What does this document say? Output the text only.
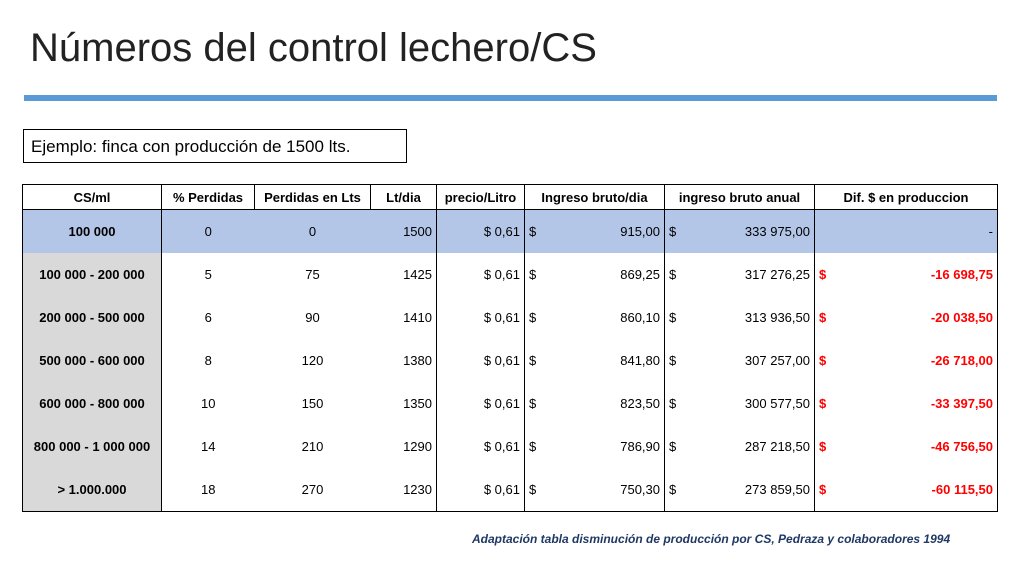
Números del control lechero/CS
Ejemplo: finca con producción de 1500 lts.
CS/ml	% Perdidas	Perdidas en Lts	Lt/dia	precio/Litro	Ingreso bruto/dia	ingreso bruto anual	Dif. $ en produccion
100 000	0	0	1500	$ 0,61	$ 915,00	$ 333 975,00	-

100 000 - 200 000	5	75	1425	$ 0,61	$ 869,25	$ 317 276,25	$ -16 698,75

200 000 - 500 000	6	90	1410	$ 0,61	$ 860,10	$ 313 936,50	$ -20 038,50

500 000 - 600 000	8	120	1380	$ 0,61	$ 841,80	$ 307 257,00	$ -26 718,00

600 000 - 800 000	10	150	1350	$ 0,61	$ 823,50	$ 300 577,50	$ -33 397,50

800 000 - 1 000 000	14	210	1290	$ 0,61	$ 786,90	$ 287 218,50	$ -46 756,50

> 1.000.000	18	270	1230	$ 0,61	$ 750,30	$ 273 859,50	$ -60 115,50
Adaptación tabla disminución de producción por CS, Pedraza y colaboradores 1994
